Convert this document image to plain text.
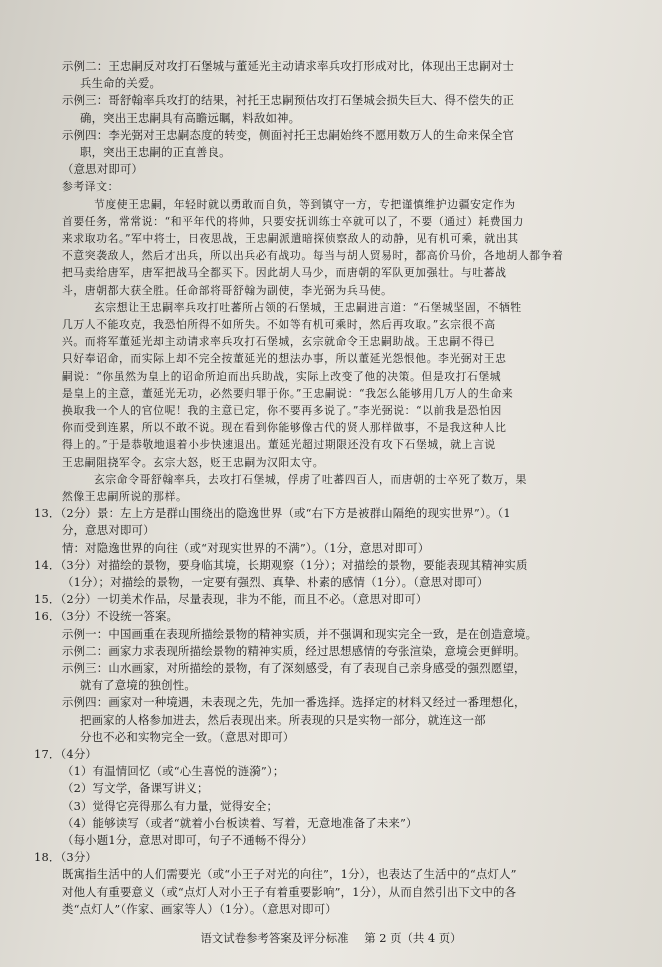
示例二：王忠嗣反对攻打石堡城与董延光主动请求率兵攻打形成对比，体现出王忠嗣对士
兵生命的关爱。
示例三：哥舒翰率兵攻打的结果，衬托王忠嗣预估攻打石堡城会损失巨大、得不偿失的正
确，突出王忠嗣具有高瞻远瞩，料敌如神。
示例四：李光弼对王忠嗣态度的转变，侧面衬托王忠嗣始终不愿用数万人的生命来保全官
职，突出王忠嗣的正直善良。
（意思对即可）
参考译文：
节度使王忠嗣，年轻时就以勇敢而自负，等到镇守一方，专把谨慎维护边疆安定作为
首要任务，常常说：“和平年代的将帅，只要安抚训练士卒就可以了，不要（通过）耗费国力
来求取功名。”军中将士，日夜思战，王忠嗣派遣暗探侦察敌人的动静，见有机可乘，就出其
不意突袭敌人，然后才出兵，所以出兵必有战功。每当与胡人贸易时，都高价马价，各地胡人都争着
把马卖给唐军，唐军把战马全都买下。因此胡人马少，而唐朝的军队更加强壮。与吐蕃战
斗，唐朝都大获全胜。任命部将哥舒翰为副使，李光弼为兵马使。
玄宗想让王忠嗣率兵攻打吐蕃所占领的石堡城，王忠嗣进言道：“石堡城坚固，不牺牲
几万人不能攻克，我恐怕所得不如所失。不如等有机可乘时，然后再攻取。”玄宗很不高
兴。而将军董延光却主动请求率兵攻打石堡城，玄宗就命令王忠嗣助战。王忠嗣不得已
只好奉诏命，而实际上却不完全按董延光的想法办事，所以董延光怨恨他。李光弼对王忠
嗣说：“你虽然为皇上的诏命所迫而出兵助战，实际上改变了他的决策。但是攻打石堡城
是皇上的主意，董延光无功，必然要归罪于你。”王忠嗣说：“我怎么能够用几万人的生命来
换取我一个人的官位呢！我的主意已定，你不要再多说了。”李光弼说：“以前我是恐怕因
你而受到连累，所以不敢不说。现在看到你能够像古代的贤人那样做事，不是我这种人比
得上的。”于是恭敬地退着小步快速退出。董延光超过期限还没有攻下石堡城，就上言说
王忠嗣阻挠军令。玄宗大怒，贬王忠嗣为汉阳太守。
玄宗命令哥舒翰率兵，去攻打石堡城，俘虏了吐蕃四百人，而唐朝的士卒死了数万，果
然像王忠嗣所说的那样。
13．（2分）景：左上方是群山围绕出的隐逸世界（或“右下方是被群山隔绝的现实世界”）。（1
分，意思对即可）
情：对隐逸世界的向往（或“对现实世界的不满”）。（1分，意思对即可）
14．（3分）对描绘的景物，要身临其境，长期观察（1分）；对描绘的景物，要能表现其精神实质
（1分）；对描绘的景物，一定要有强烈、真挚、朴素的感情（1分）。（意思对即可）
15．（2分）一切美术作品，尽量表现，非为不能，而且不必。（意思对即可）
16．（3分）不设统一答案。
示例一：中国画重在表现所描绘景物的精神实质，并不强调和现实完全一致，是在创造意境。
示例二：画家力求表现所描绘景物的精神实质，经过思想感情的夸张渲染，意境会更鲜明。
示例三：山水画家，对所描绘的景物，有了深刻感受，有了表现自己亲身感受的强烈愿望，
就有了意境的独创性。
示例四：画家对一种境遇，未表现之先，先加一番选择。选择定的材料又经过一番理想化，
把画家的人格参加进去，然后表现出来。所表现的只是实物一部分，就连这一部
分也不必和实物完全一致。（意思对即可）
17．（4分）
（1）有温情回忆（或“心生喜悦的涟漪”）；
（2）写文学，备课写讲义；
（3）觉得它亮得那么有力量，觉得安全；
（4）能够读写（或者“就着小台板读着、写着，无意地准备了未来”）
（每小题1分，意思对即可，句子不通畅不得分）
18．（3分）
既寓指生活中的人们需要光（或“小王子对光的向往”，1分），也表达了生活中的“点灯人”
对他人有重要意义（或“点灯人对小王子有着重要影响”，1分），从而自然引出下文中的各
类“点灯人”（作家、画家等人）（1分）。（意思对即可）
语文试卷参考答案及评分标准 第 2 页（共 4 页）
